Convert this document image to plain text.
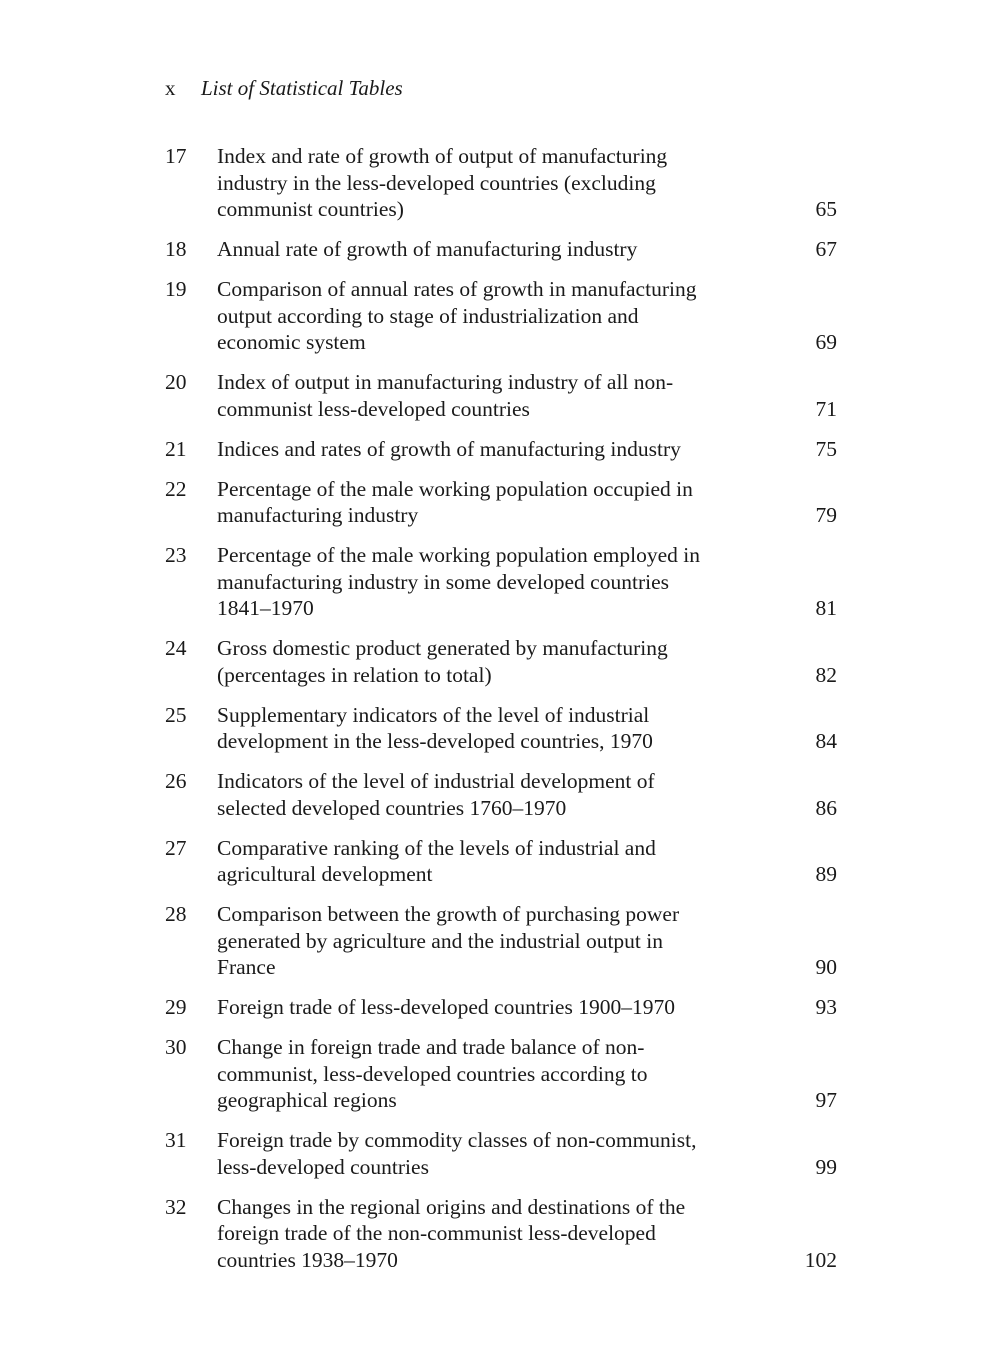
x List of Statistical Tables
17 Index and rate of growth of output of manufacturing
industry in the less-developed countries (excluding
communist countries)	65
18 Annual rate of growth of manufacturing industry	67
19 Comparison of annual rates of growth in manufacturing
output according to stage of industrialization and
economic system	69
20 Index of output in manufacturing industry of all non-
communist less-developed countries	71
21 Indices and rates of growth of manufacturing industry	75
22 Percentage of the male working population occupied in
manufacturing industry	79
23 Percentage of the male working population employed in
manufacturing industry in some developed countries
1841–1970	81
24 Gross domestic product generated by manufacturing
(percentages in relation to total)	82
25 Supplementary indicators of the level of industrial
development in the less-developed countries, 1970	84
26 Indicators of the level of industrial development of
selected developed countries 1760–1970	86
27 Comparative ranking of the levels of industrial and
agricultural development	89
28 Comparison between the growth of purchasing power
generated by agriculture and the industrial output in
France	90
29 Foreign trade of less-developed countries 1900–1970	93
30 Change in foreign trade and trade balance of non-
communist, less-developed countries according to
geographical regions	97
31 Foreign trade by commodity classes of non-communist,
less-developed countries	99
32 Changes in the regional origins and destinations of the
foreign trade of the non-communist less-developed
countries 1938–1970	102
